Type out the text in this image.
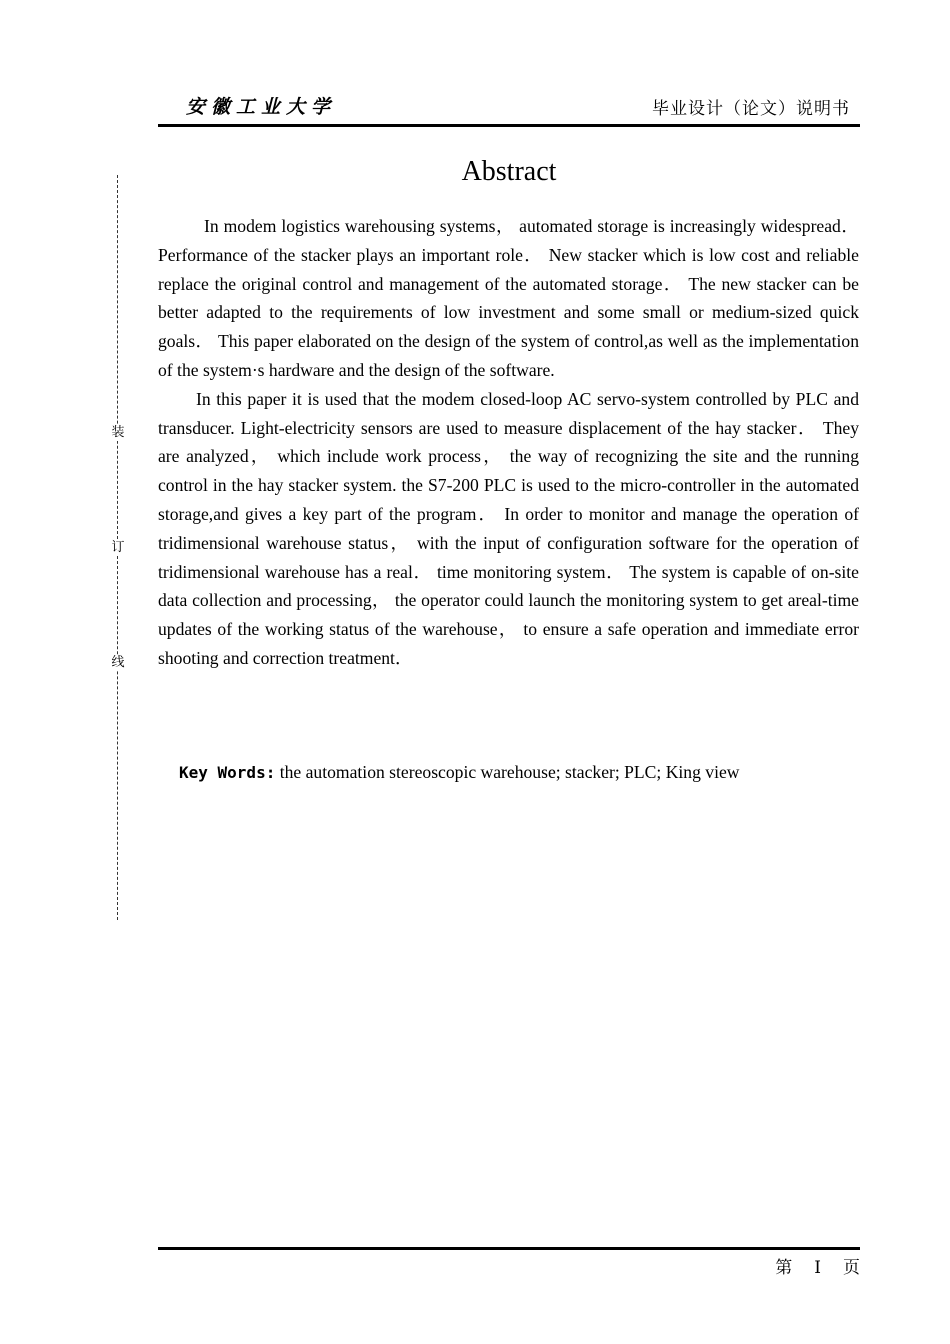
安徽工业大学	毕业设计（论文）说明书
装
订
线
Abstract

In modem logistics warehousing systems， automated storage is increasingly widespread． Performance of the stacker plays an important role． New stacker which is low cost and reliable replace the original control and management of the automated storage． The new stacker can be better adapted to the requirements of low investment and some small or medium-sized quick goals． This paper elaborated on the design of the system of control,as well as the implementation of the system·s hardware and the design of the software.

In this paper it is used that the modem closed-loop AC servo-system controlled by PLC and transducer. Light-electricity sensors are used to measure displacement of the hay stacker． They are analyzed， which include work process， the way of recognizing the site and the running control in the hay stacker system. the S7-200 PLC is used to the micro-controller in the automated storage,and gives a key part of the program． In order to monitor and manage the operation of tridimensional warehouse status， with the input of configuration software for the operation of tridimensional warehouse has a real． time monitoring system． The system is capable of on-site data collection and processing， the operator could launch the monitoring system to get areal-time updates of the working status of the warehouse， to ensure a safe operation and immediate error shooting and correction treatment．

Key Words: the automation stereoscopic warehouse; stacker; PLC; King view
第 I 页
